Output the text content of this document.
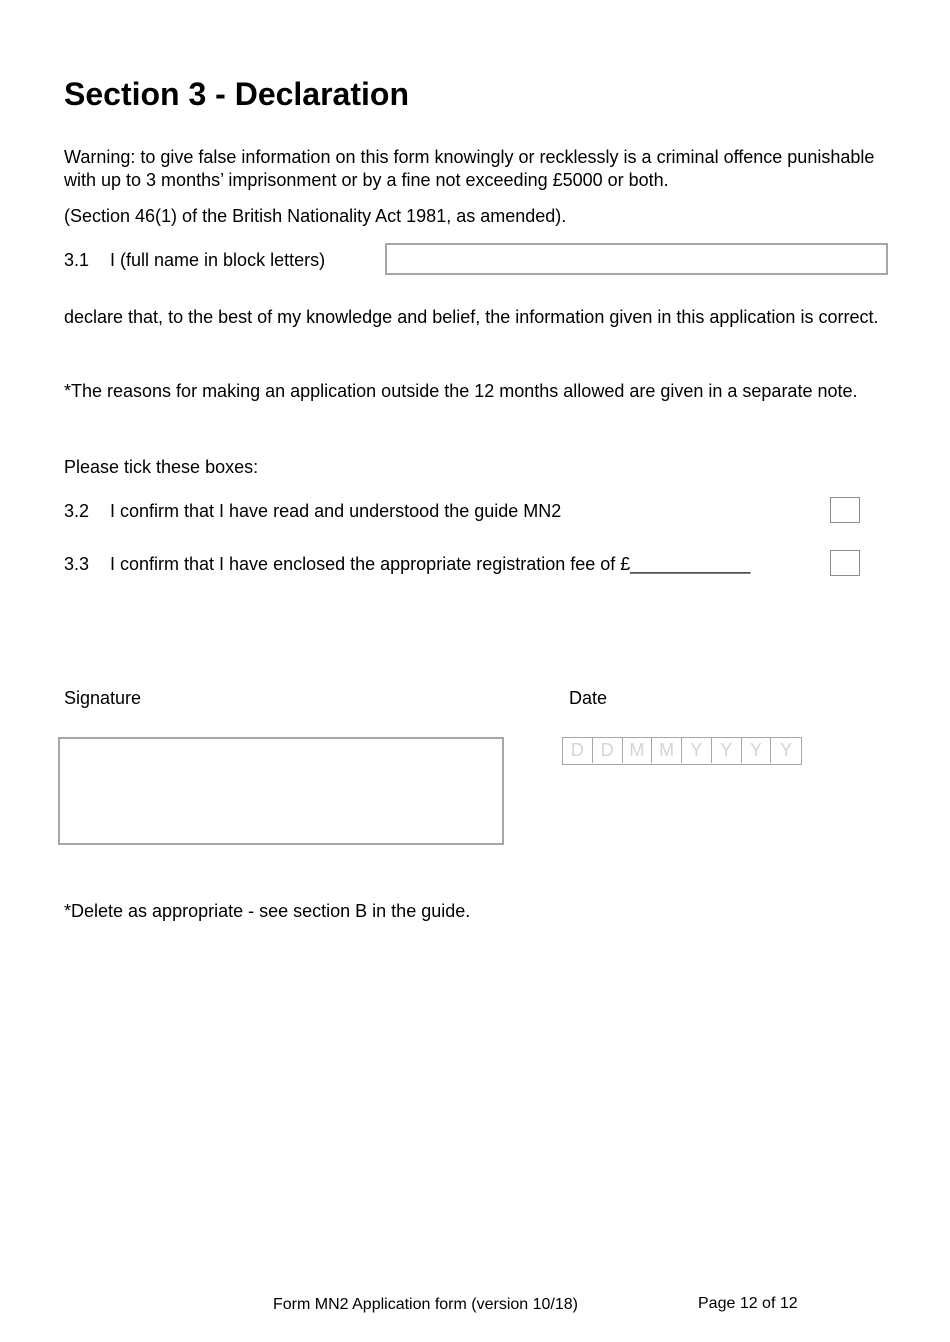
Section 3 - Declaration
Warning: to give false information on this form knowingly or recklessly is a criminal offence punishable with up to 3 months’ imprisonment or by a fine not exceeding £5000 or both.
(Section 46(1) of the British Nationality Act 1981, as amended).
3.1 I (full name in block letters)
declare that, to the best of my knowledge and belief, the information given in this application is correct.
*The reasons for making an application outside the 12 months allowed are given in a separate note.
Please tick these boxes:
3.2 I confirm that I have read and understood the guide MN2
3.3 I confirm that I have enclosed the appropriate registration fee of £____________
Signature	Date
D D M M Y Y Y	Y
*Delete as appropriate - see section B in the guide.
Form MN2 Application form (version 10/18)	Page 12 of 12
